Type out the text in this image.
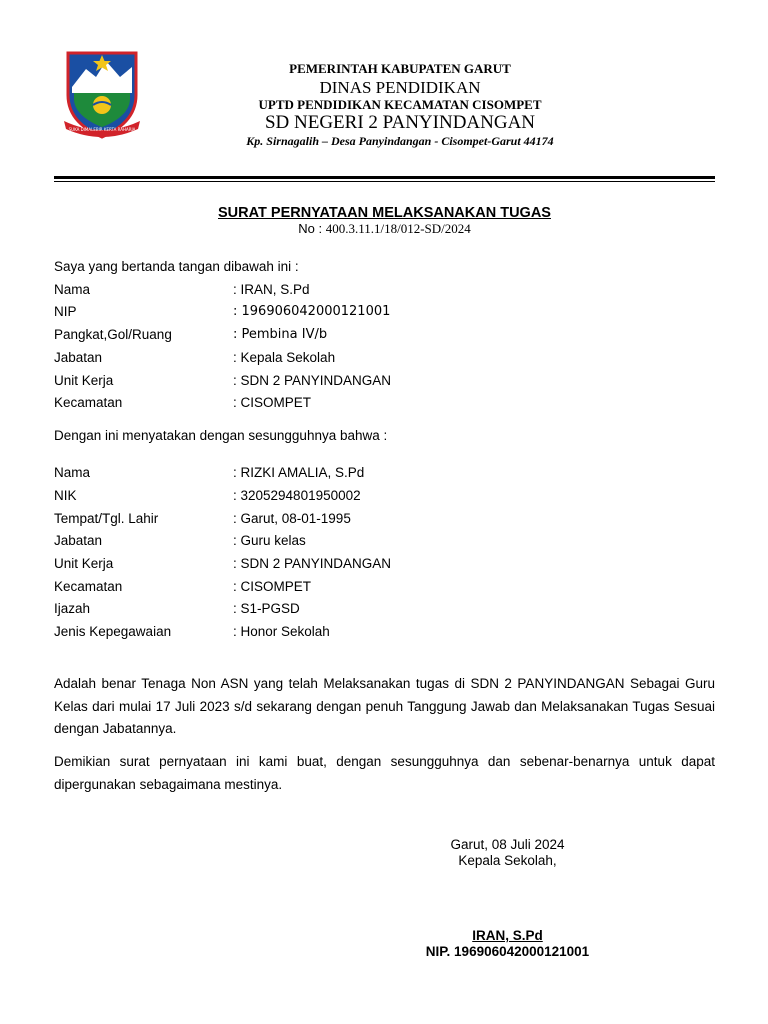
SUKA DIMALEBIR KERTA RAHARJA
PEMERINTAH KABUPATEN GARUT
DINAS PENDIDIKAN
UPTD PENDIDIKAN KECAMATAN CISOMPET
SD NEGERI 2 PANYINDANGAN
Kp. Sirnagalih – Desa Panyindangan - Cisompet-Garut 44174
SURAT PERNYATAAN MELAKSANAKAN TUGAS
No : 400.3.11.1/18/012-SD/2024
Saya yang bertanda tangan dibawah ini :
Nama	: IRAN, S.Pd
NIP	: 196906042000121001
Pangkat,Gol/Ruang	: Pembina IV/b
Jabatan	: Kepala Sekolah
Unit Kerja	: SDN 2 PANYINDANGAN
Kecamatan	: CISOMPET
Dengan ini menyatakan dengan sesungguhnya bahwa :
Nama	: RIZKI AMALIA, S.Pd
NIK	: 3205294801950002
Tempat/Tgl. Lahir	: Garut, 08-01-1995
Jabatan	: Guru kelas
Unit Kerja	: SDN 2 PANYINDANGAN
Kecamatan	: CISOMPET
Ijazah	: S1-PGSD
Jenis Kepegawaian	: Honor Sekolah
Adalah benar Tenaga Non ASN yang telah Melaksanakan tugas di SDN 2 PANYINDANGAN Sebagai Guru Kelas dari mulai 17 Juli 2023 s/d sekarang dengan penuh Tanggung Jawab dan Melaksanakan Tugas Sesuai dengan Jabatannya.
Demikian surat pernyataan ini kami buat, dengan sesungguhnya dan sebenar-benarnya untuk dapat dipergunakan sebagaimana mestinya.
Garut, 08 Juli 2024
Kepala Sekolah,
IRAN, S.Pd
NIP. 196906042000121001
